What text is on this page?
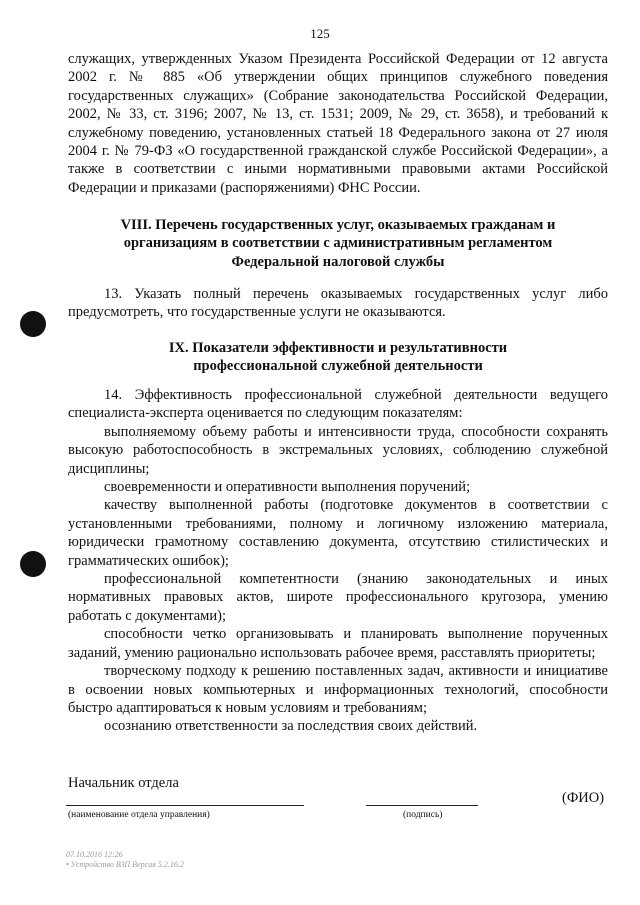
125

служащих, утвержденных Указом Президента Российской Федерации от 12 августа 2002 г. № 885 «Об утверждении общих принципов служебного поведения государственных служащих» (Собрание законодательства Российской Федерации, 2002, № 33, ст. 3196; 2007, № 13, ст. 1531; 2009, № 29, ст. 3658), и требований к служебному поведению, установленных статьей 18 Федерального закона от 27 июля 2004 г. № 79-ФЗ «О государственной гражданской службе Российской Федерации», а также в соответствии с иными нормативными правовыми актами Российской Федерации и приказами (распоряжениями) ФНС России.

VIII. Перечень государственных услуг, оказываемых гражданам и

организациям в соответствии с административным регламентом

Федеральной налоговой службы

13. Указать полный перечень оказываемых государственных услуг либо предусмотреть, что государственные услуги не оказываются.

IX. Показатели эффективности и результативности

профессиональной служебной деятельности

14. Эффективность профессиональной служебной деятельности ведущего специалиста-эксперта оценивается по следующим показателям:

выполняемому объему работы и интенсивности труда, способности сохранять высокую работоспособность в экстремальных условиях, соблюдению служебной дисциплины;

своевременности и оперативности выполнения поручений;

качеству выполненной работы (подготовке документов в соответствии с установленными требованиями, полному и логичному изложению материала, юридически грамотному составлению документа, отсутствию стилистических и грамматических ошибок);

профессиональной компетентности (знанию законодательных и иных нормативных правовых актов, широте профессионального кругозора, умению работать с документами);

способности четко организовывать и планировать выполнение порученных заданий, умению рационально использовать рабочее время, расставлять приоритеты;

творческому подходу к решению поставленных задач, активности и инициативе в освоении новых компьютерных и информационных технологий, способности быстро адаптироваться к новым условиям и требованиям;

осознанию ответственности за последствия своих действий.

Начальник отдела
(наименование отдела управления)	(подпись)
(ФИО)
07.10.2016 12:26
• Устройство ВЗП Версия 5.2.16.2
